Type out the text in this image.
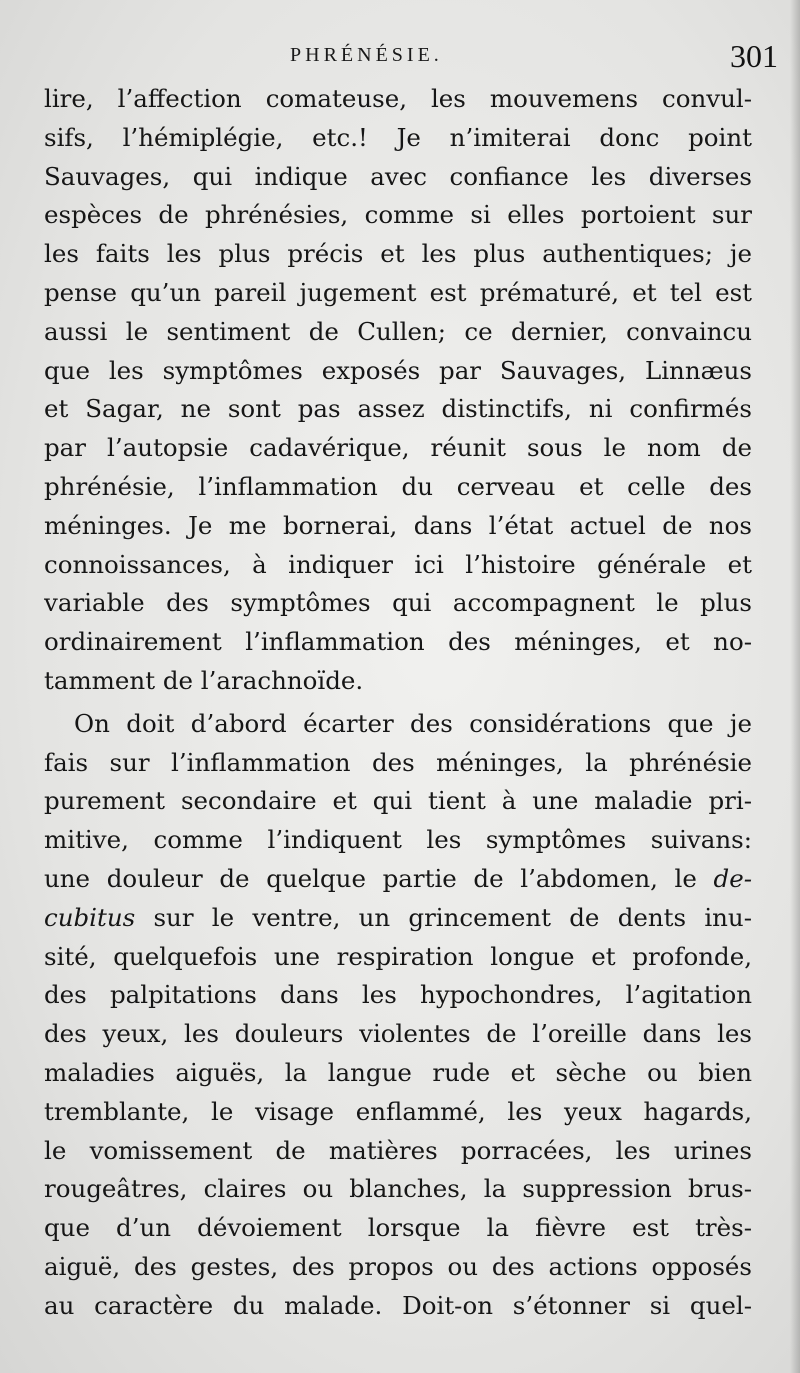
PHRÉNÉSIE.	301
lire, l’affection comateuse, les mouvemens convul-
sifs, l’hémiplégie, etc.! Je n’imiterai donc point
Sauvages, qui indique avec confiance les diverses
espèces de phrénésies, comme si elles portoient sur
les faits les plus précis et les plus authentiques; je
pense qu’un pareil jugement est prématuré, et tel est
aussi le sentiment de Cullen; ce dernier, convaincu
que les symptômes exposés par Sauvages, Linnæus
et Sagar, ne sont pas assez distinctifs, ni confirmés
par l’autopsie cadavérique, réunit sous le nom de
phrénésie, l’inflammation du cerveau et celle des
méninges. Je me bornerai, dans l’état actuel de nos
connoissances, à indiquer ici l’histoire générale et
variable des symptômes qui accompagnent le plus
ordinairement l’inflammation des méninges, et no-
tamment de l’arachnoïde.
On doit d’abord écarter des considérations que je
fais sur l’inflammation des méninges, la phrénésie
purement secondaire et qui tient à une maladie pri-
mitive, comme l’indiquent les symptômes suivans:
une douleur de quelque partie de l’abdomen, le de-
cubitus sur le ventre, un grincement de dents inu-
sité, quelquefois une respiration longue et profonde,
des palpitations dans les hypochondres, l’agitation
des yeux, les douleurs violentes de l’oreille dans les
maladies aiguës, la langue rude et sèche ou bien
tremblante, le visage enflammé, les yeux hagards,
le vomissement de matières porracées, les urines
rougeâtres, claires ou blanches, la suppression brus-
que d’un dévoiement lorsque la fièvre est très-
aiguë, des gestes, des propos ou des actions opposés
au caractère du malade. Doit-on s’étonner si quel-
